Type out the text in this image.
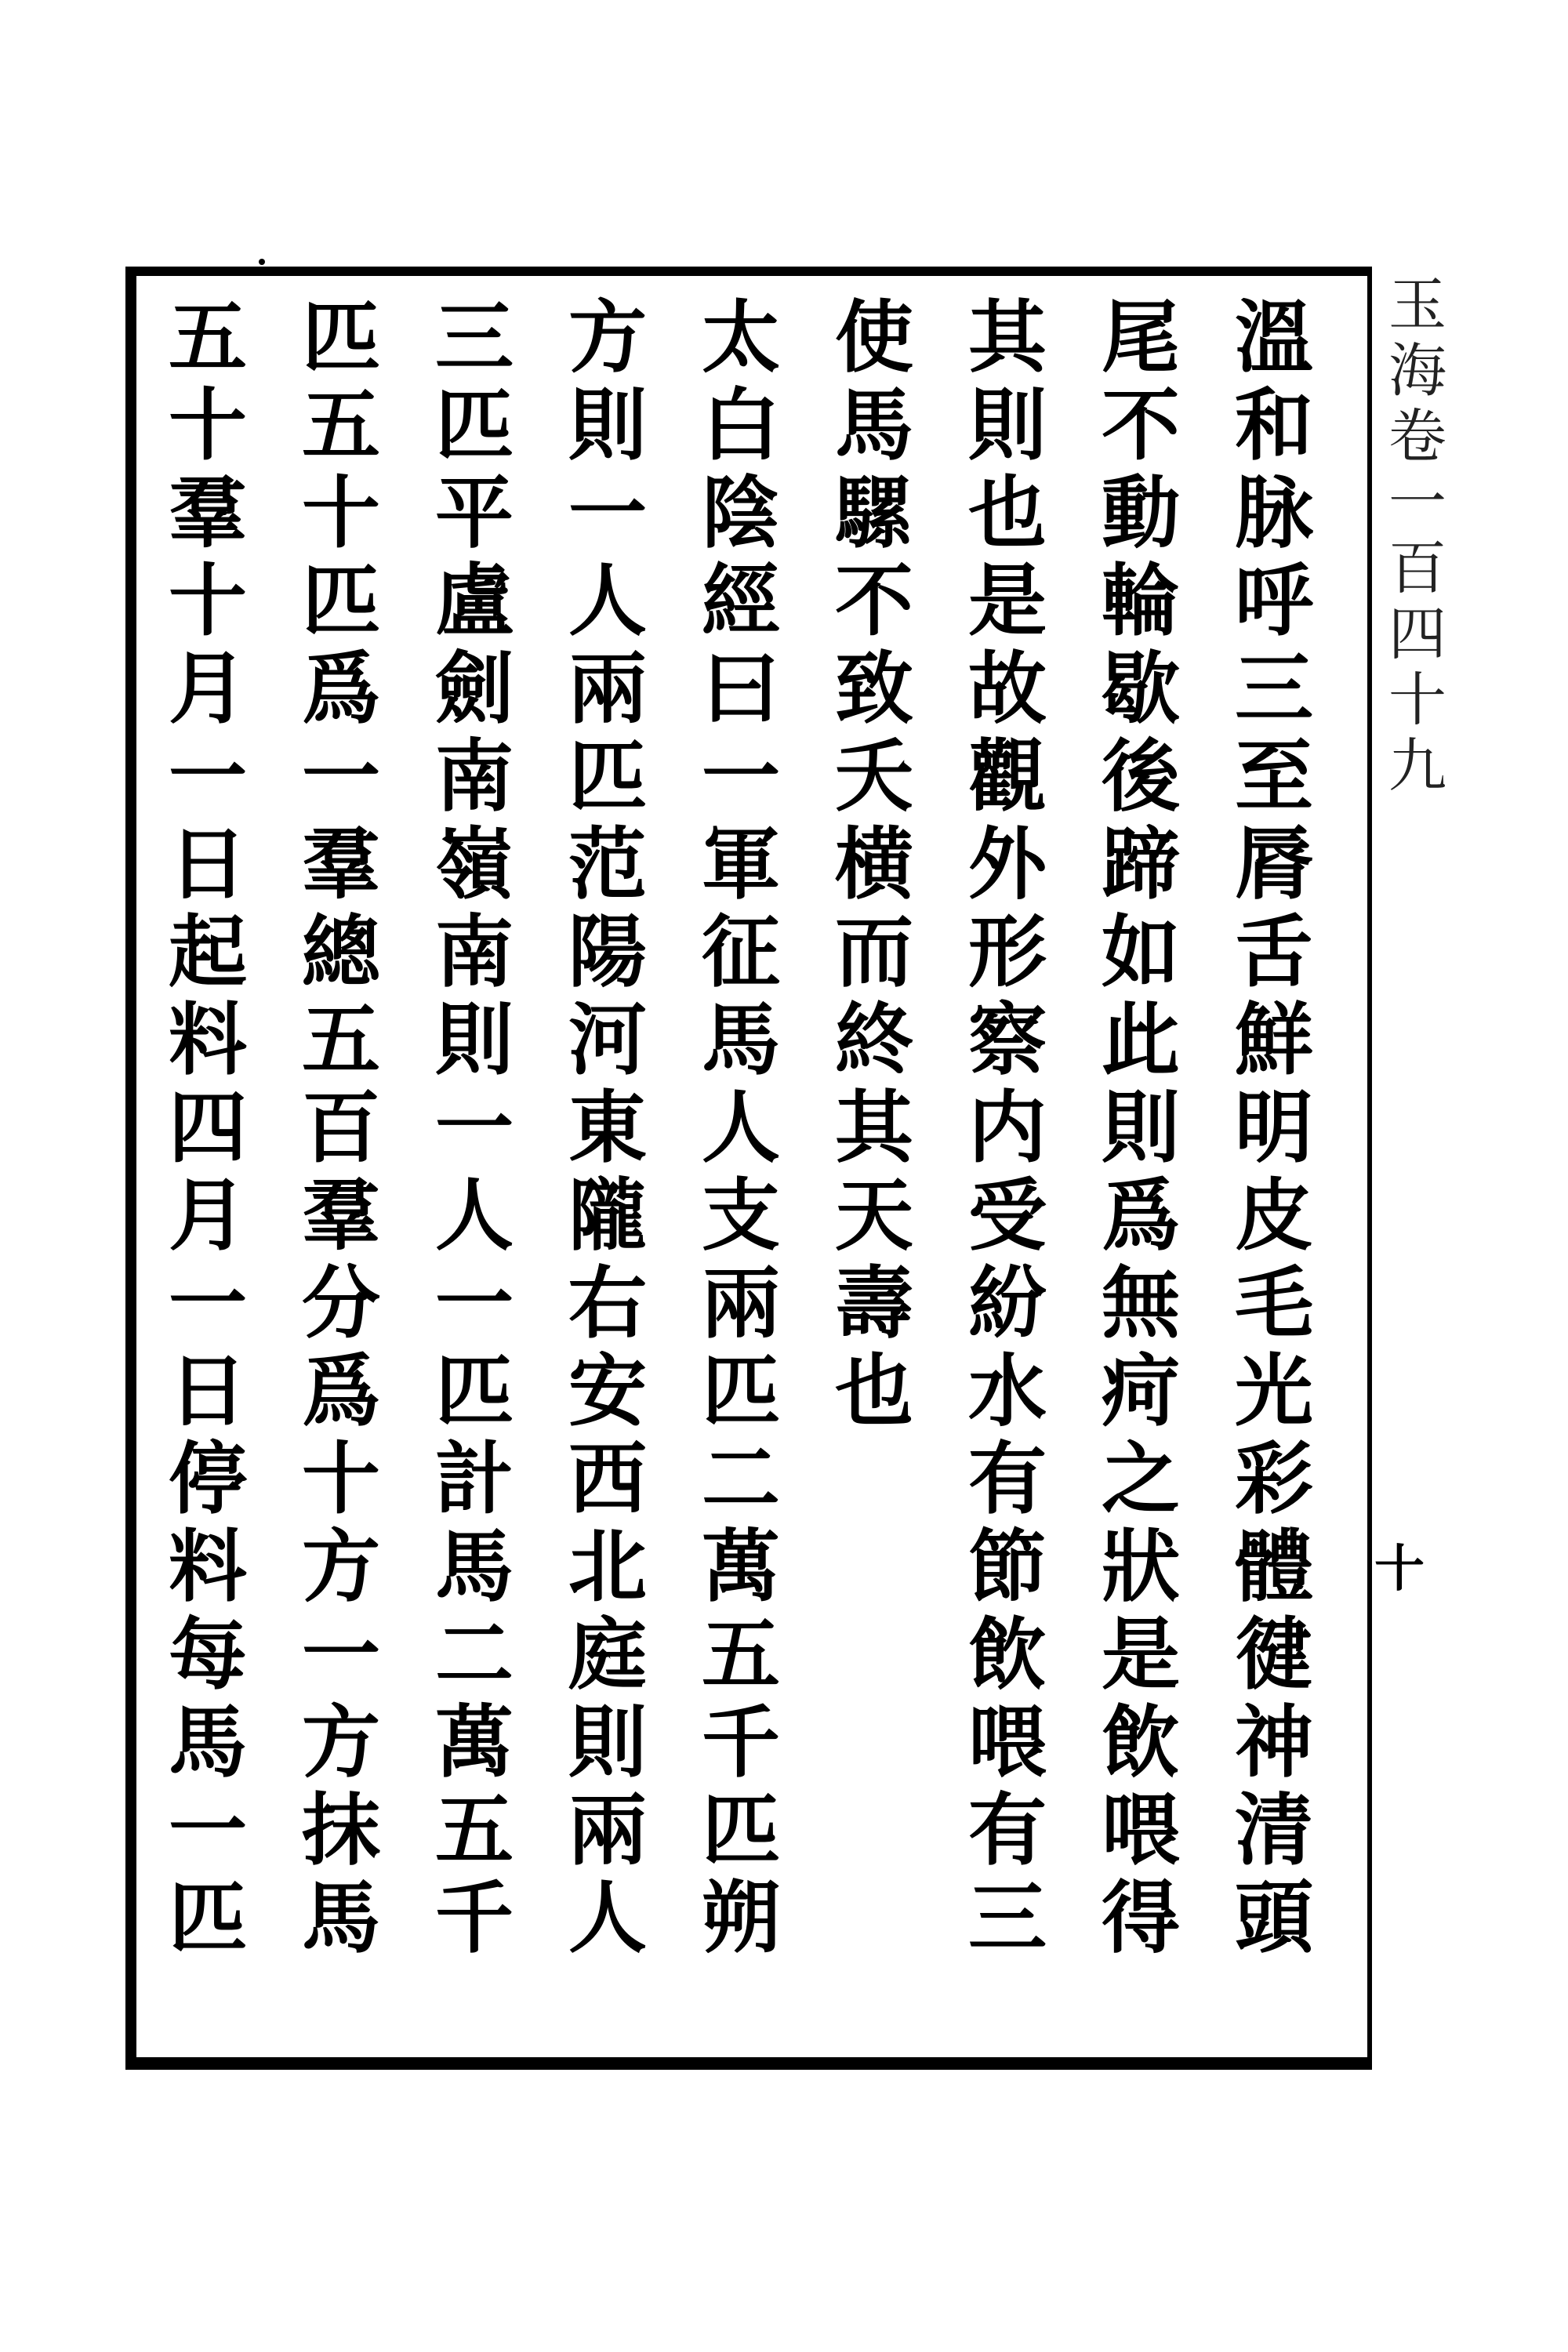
玉
海
卷
一
百
四
十
九
十
溫
和
脉
呼
三
至
脣
舌
鮮
明
皮
毛
光
彩
體
徤
神
清
頭
尾
不
動
輪
歇
後
蹄
如
此
則
爲
無
疴
之
狀
是
飲
喂
得
其
則
也
是
故
觀
外
形
察
内
受
紛
水
有
節
飲
喂
有
三
使
馬
騾
不
致
夭
横
而
終
其
天
壽
也
太
白
陰
經
曰
一
軍
征
馬
人
支
兩
匹
二
萬
五
千
匹
朔
方
則
一
人
兩
匹
范
陽
河
東
隴
右
安
西
北
庭
則
兩
人
三
匹
平
盧
劍
南
嶺
南
則
一
人
一
匹
計
馬
二
萬
五
千
匹
五
十
匹
爲
一
羣
總
五
百
羣
分
爲
十
方
一
方
抹
馬
五
十
羣
十
月
一
日
起
料
四
月
一
日
停
料
每
馬
一
匹
